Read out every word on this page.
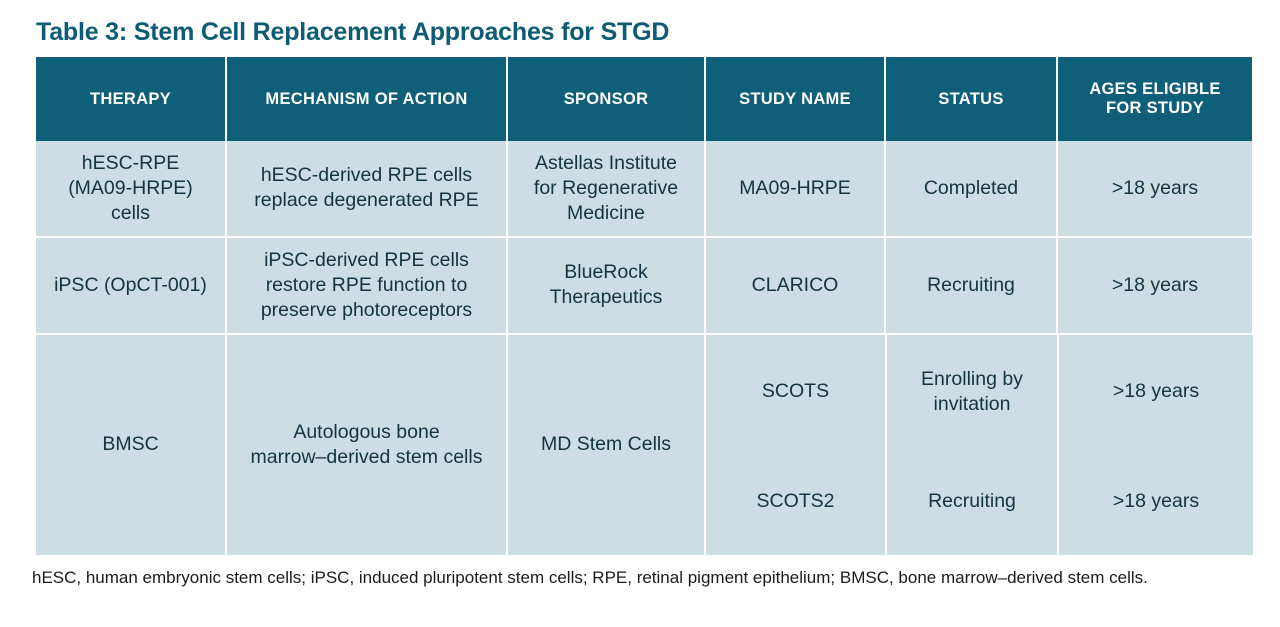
Table 3: Stem Cell Replacement Approaches for STGD
THERAPY	MECHANISM OF ACTION	SPONSOR	STUDY NAME	STATUS	AGES ELIGIBLE
FOR STUDY
hESC-RPE
(MA09-HRPE) cells	hESC-derived RPE cells
replace degenerated RPE	Astellas Institute
for Regenerative
Medicine	MA09-HRPE	Completed	>18 years
iPSC (OpCT-001)	iPSC-derived RPE cells
restore RPE function to
preserve photoreceptors	BlueRock
Therapeutics	CLARICO	Recruiting	>18 years
BMSC	Autologous bone
marrow–derived stem cells	MD Stem Cells	
SCOTS	Enrolling by
invitation	>18 years
SCOTS2	Recruiting	>18 years
hESC, human embryonic stem cells; iPSC, induced pluripotent stem cells; RPE, retinal pigment epithelium; BMSC, bone marrow–derived stem cells.
